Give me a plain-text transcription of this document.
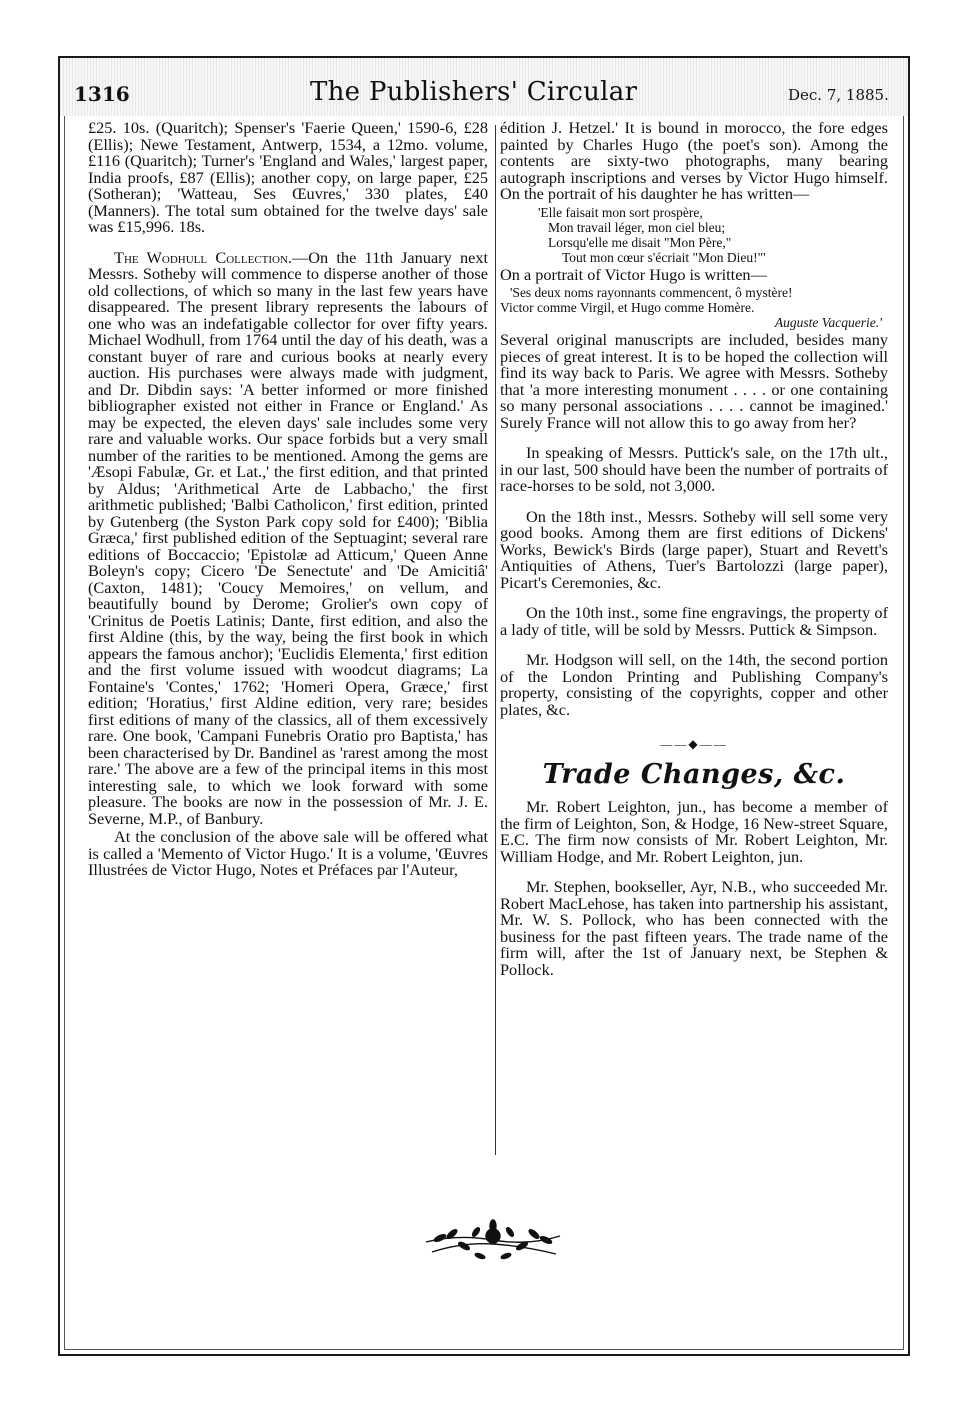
1316	The Publishers' Circular	Dec. 7, 1885.

£25. 10s. (Quaritch); Spenser's 'Faerie Queen,' 1590-6, £28 (Ellis); Newe Testament, Antwerp, 1534, a 12mo. volume, £116 (Quaritch); Turner's 'England and Wales,' largest paper, India proofs, £87 (Ellis); another copy, on large paper, £25 (Sotheran); 'Watteau, Ses Œuvres,' 330 plates, £40 (Manners). The total sum obtained for the twelve days' sale was £15,996. 18s.

The Wodhull Collection.—On the 11th January next Messrs. Sotheby will commence to disperse another of those old collections, of which so many in the last few years have disappeared. The present library represents the labours of one who was an indefatigable collector for over fifty years. Michael Wodhull, from 1764 until the day of his death, was a constant buyer of rare and curious books at nearly every auction. His purchases were always made with judgment, and Dr. Dibdin says: 'A better informed or more finished bibliographer existed not either in France or England.' As may be expected, the eleven days' sale includes some very rare and valuable works. Our space forbids but a very small number of the rarities to be mentioned. Among the gems are 'Æsopi Fabulæ, Gr. et Lat.,' the first edition, and that printed by Aldus; 'Arithmetical Arte de Labbacho,' the first arithmetic published; 'Balbi Catholicon,' first edition, printed by Gutenberg (the Syston Park copy sold for £400); 'Biblia Græca,' first published edition of the Septuagint; several rare editions of Boccaccio; 'Epistolæ ad Atticum,' Queen Anne Boleyn's copy; Cicero 'De Senectute' and 'De Amicitiâ' (Caxton, 1481); 'Coucy Memoires,' on vellum, and beautifully bound by Derome; Grolier's own copy of 'Crinitus de Poetis Latinis; Dante, first edition, and also the first Aldine (this, by the way, being the first book in which appears the famous anchor); 'Euclidis Elementa,' first edition and the first volume issued with woodcut diagrams; La Fontaine's 'Contes,' 1762; 'Homeri Opera, Græce,' first edition; 'Horatius,' first Aldine edition, very rare; besides first editions of many of the classics, all of them excessively rare. One book, 'Campani Funebris Oratio pro Baptista,' has been characterised by Dr. Bandinel as 'rarest among the most rare.' The above are a few of the principal items in this most interesting sale, to which we look forward with some pleasure. The books are now in the possession of Mr. J. E. Severne, M.P., of Banbury.

At the conclusion of the above sale will be offered what is called a 'Memento of Victor Hugo.' It is a volume, 'Œuvres Illustrées de Victor Hugo, Notes et Préfaces par l'Auteur,

édition J. Hetzel.' It is bound in morocco, the fore edges painted by Charles Hugo (the poet's son). Among the contents are sixty-two photographs, many bearing autograph inscriptions and verses by Victor Hugo himself. On the portrait of his daughter he has written—

'Elle faisait mon sort prospère,
Mon travail léger, mon ciel bleu;
Lorsqu'elle me disait "Mon Père,"
Tout mon cœur s'écriait "Mon Dieu!"'

On a portrait of Victor Hugo is written—

'Ses deux noms rayonnants commencent, ô mystère!
Victor comme Virgil, et Hugo comme Homère.
Auguste Vacquerie.'

Several original manuscripts are included, besides many pieces of great interest. It is to be hoped the collection will find its way back to Paris. We agree with Messrs. Sotheby that 'a more interesting monument . . . . or one containing so many personal associations . . . . cannot be imagined.' Surely France will not allow this to go away from her?

In speaking of Messrs. Puttick's sale, on the 17th ult., in our last, 500 should have been the number of portraits of race-horses to be sold, not 3,000.

On the 18th inst., Messrs. Sotheby will sell some very good books. Among them are first editions of Dickens' Works, Bewick's Birds (large paper), Stuart and Revett's Antiquities of Athens, Tuer's Bartolozzi (large paper), Picart's Ceremonies, &c.

On the 10th inst., some fine engravings, the property of a lady of title, will be sold by Messrs. Puttick & Simpson.

Mr. Hodgson will sell, on the 14th, the second portion of the London Printing and Publishing Company's property, consisting of the copyrights, copper and other plates, &c.

——◆——
Trade Changes, &c.

Mr. Robert Leighton, jun., has become a member of the firm of Leighton, Son, & Hodge, 16 New-street Square, E.C. The firm now consists of Mr. Robert Leighton, Mr. William Hodge, and Mr. Robert Leighton, jun.

Mr. Stephen, bookseller, Ayr, N.B., who succeeded Mr. Robert MacLehose, has taken into partnership his assistant, Mr. W. S. Pollock, who has been connected with the business for the past fifteen years. The trade name of the firm will, after the 1st of January next, be Stephen & Pollock.
